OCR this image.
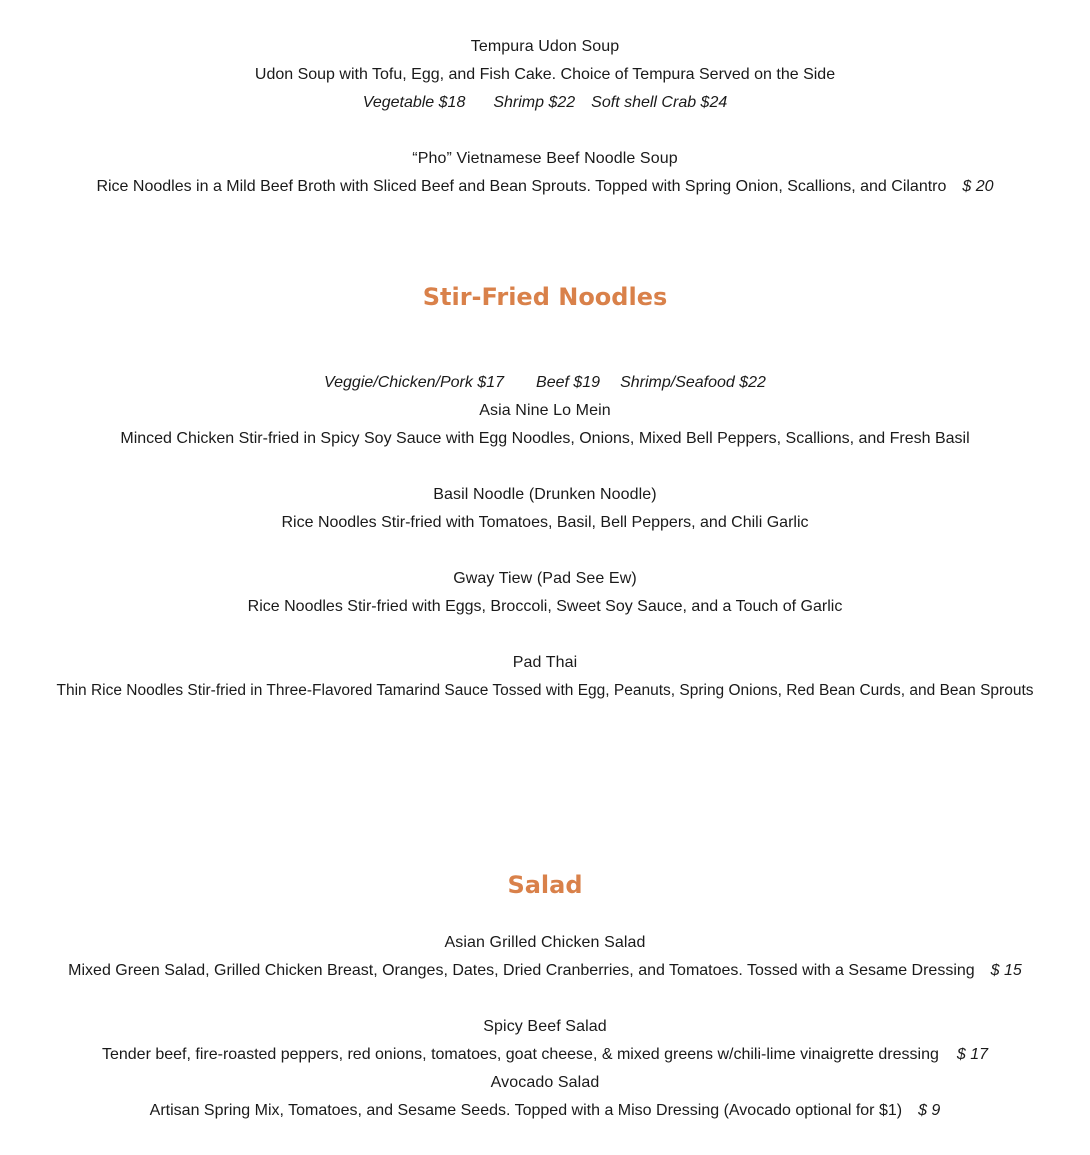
Tempura Udon Soup
Udon Soup with Tofu, Egg, and Fish Cake. Choice of Tempura Served on the Side
Vegetable $18 Shrimp $22 Soft shell Crab $24
“Pho” Vietnamese Beef Noodle Soup
Rice Noodles in a Mild Beef Broth with Sliced Beef and Bean Sprouts. Topped with Spring Onion, Scallions, and Cilantro $ 20
Stir-Fried Noodles
Veggie/Chicken/Pork $17 Beef $19 Shrimp/Seafood $22
Asia Nine Lo Mein
Minced Chicken Stir-fried in Spicy Soy Sauce with Egg Noodles, Onions, Mixed Bell Peppers, Scallions, and Fresh Basil
Basil Noodle (Drunken Noodle)
Rice Noodles Stir-fried with Tomatoes, Basil, Bell Peppers, and Chili Garlic
Gway Tiew (Pad See Ew)
Rice Noodles Stir-fried with Eggs, Broccoli, Sweet Soy Sauce, and a Touch of Garlic
Pad Thai
Thin Rice Noodles Stir-fried in Three-Flavored Tamarind Sauce Tossed with Egg, Peanuts, Spring Onions, Red Bean Curds, and Bean Sprouts
Salad
Asian Grilled Chicken Salad
Mixed Green Salad, Grilled Chicken Breast, Oranges, Dates, Dried Cranberries, and Tomatoes. Tossed with a Sesame Dressing $ 15
Spicy Beef Salad
Tender beef, fire-roasted peppers, red onions, tomatoes, goat cheese, & mixed greens w/chili-lime vinaigrette dressing $ 17
Avocado Salad
Artisan Spring Mix, Tomatoes, and Sesame Seeds. Topped with a Miso Dressing (Avocado optional for $1) $ 9
